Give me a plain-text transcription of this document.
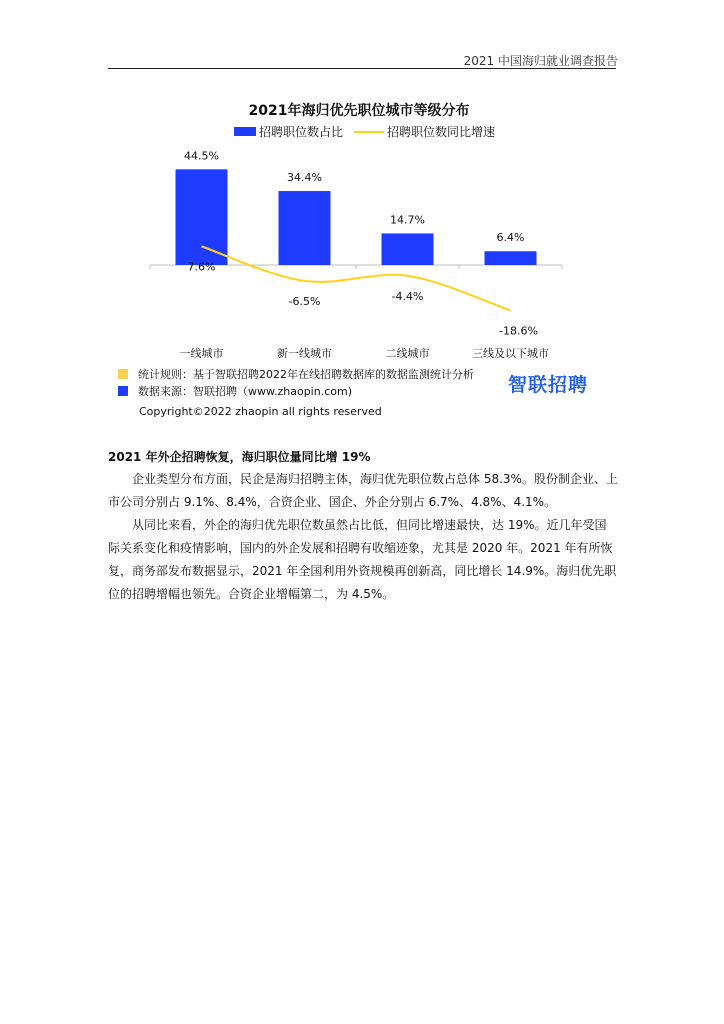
2021 中国海归就业调查报告
2021年海归优先职位城市等级分布
招聘职位数占比	招聘职位数同比增速
44.5%
一线城市
34.4%
新一线城市
14.7%
二线城市
6.4%
三线及以下城市
7.6%
-6.5%	-4.4%
-18.6%
统计规则：基于智联招聘2022年在线招聘数据库的数据监测统计分析
数据来源：智联招聘（www.zhaopin.com)	智联招聘
Copyright©2022 zhaopin all rights reserved
2021 年外企招聘恢复，海归职位量同比增 19%

企业类型分布方面，民企是海归招聘主体，海归优先职位数占总体 58.3%。股份制企业、上市公司分别占 9.1%、8.4%，合资企业、国企、外企分别占 6.7%、4.8%、4.1%。

从同比来看，外企的海归优先职位数虽然占比低，但同比增速最快，达 19%。近几年受国际关系变化和疫情影响，国内的外企发展和招聘有收缩迹象，尤其是 2020 年。2021 年有所恢复，商务部发布数据显示，2021 年全国利用外资规模再创新高，同比增长 14.9%。海归优先职位的招聘增幅也领先。合资企业增幅第二，为 4.5%。
